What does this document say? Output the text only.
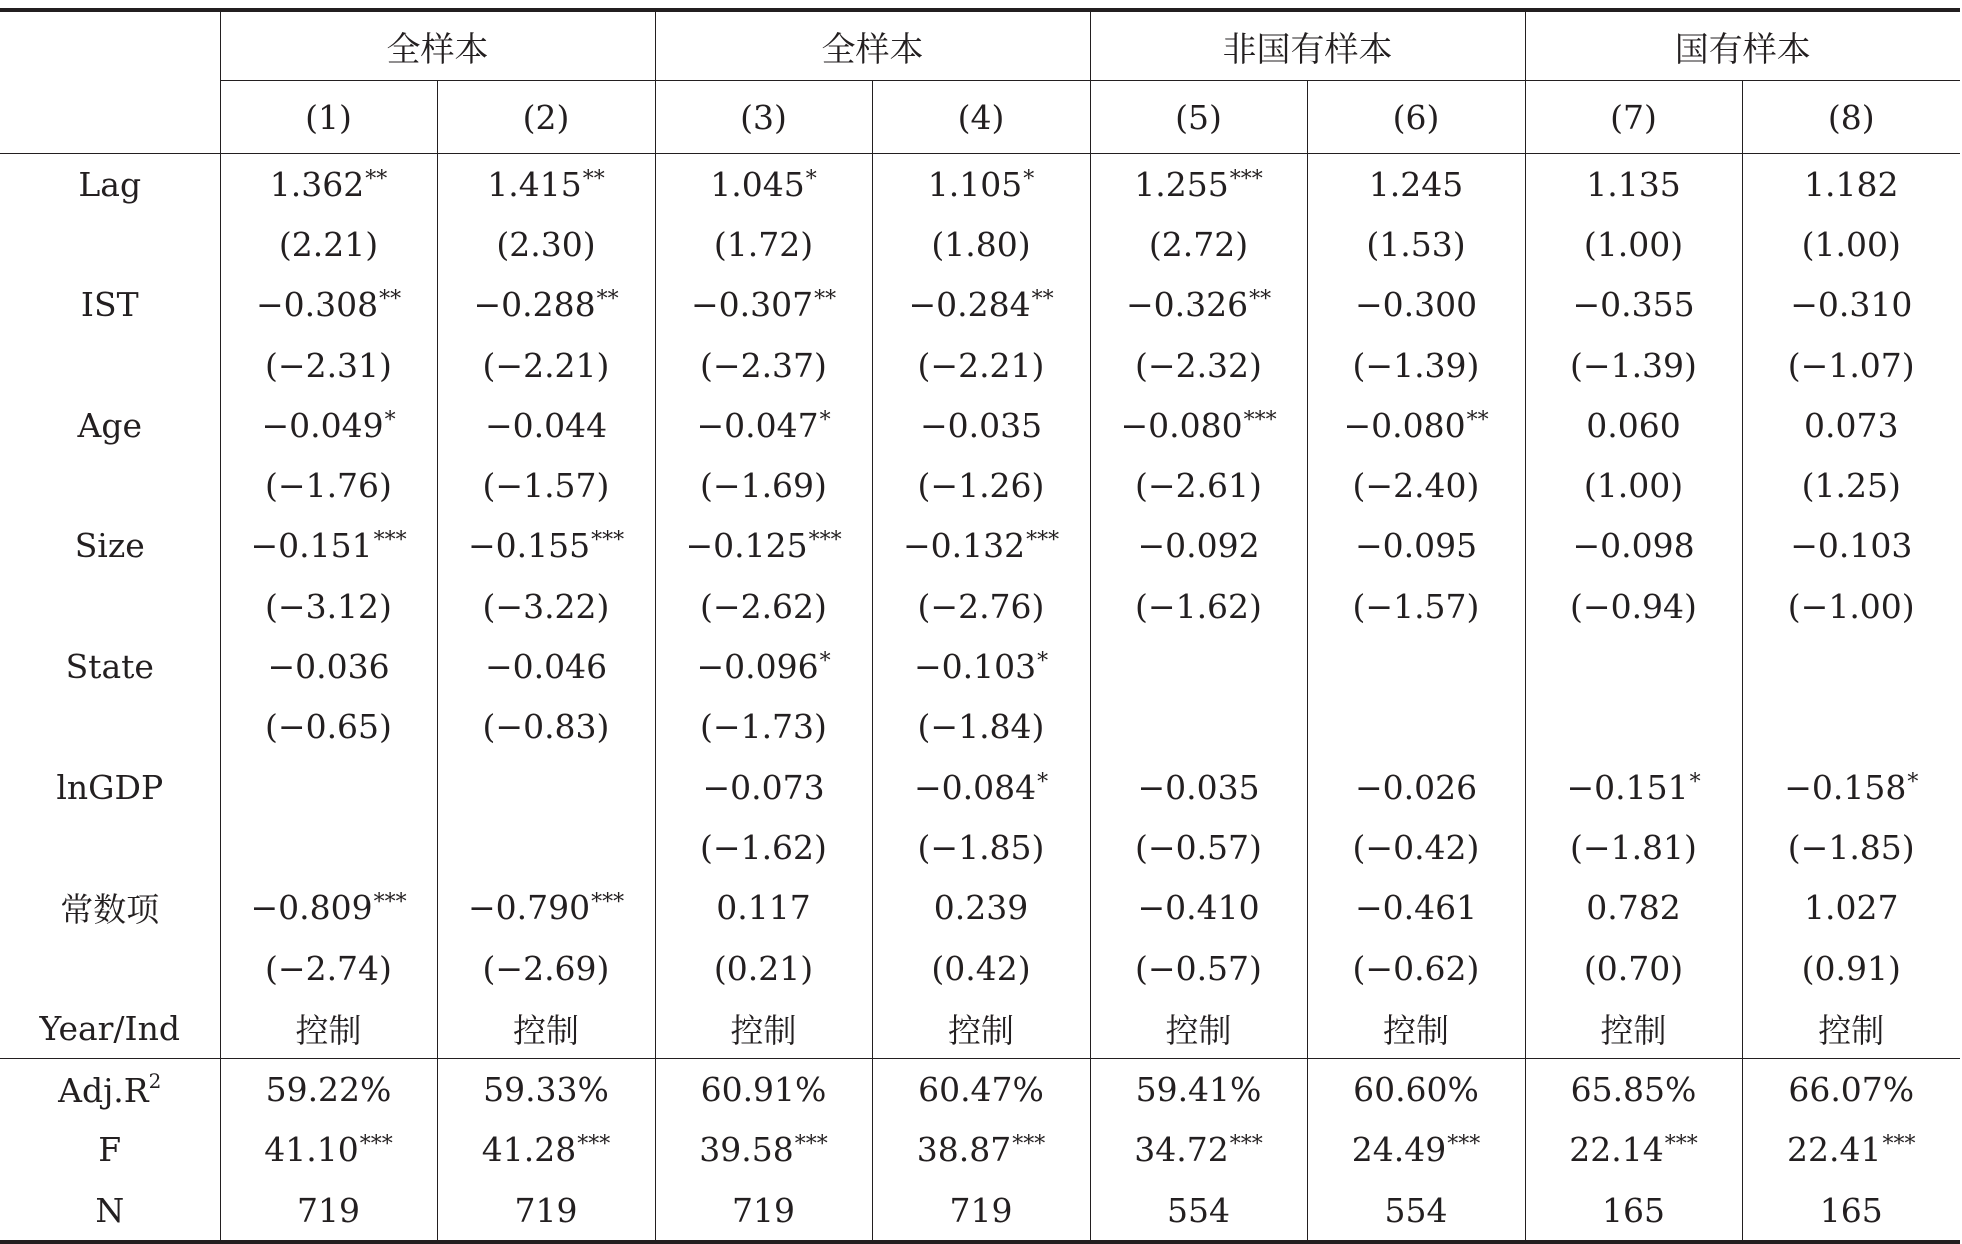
	全样本		全样本		非国有样本		国有样本	
	(1)	(2)	(3)	(4)	(5)	(6)	(7)	(8)
Lag	1.362**	1.415**	1.045*	1.105*	1.255***	1.245	1.135	1.182
	(2.21)	(2.30)	(1.72)	(1.80)	(2.72)	(1.53)	(1.00)	(1.00)
IST	−0.308**	−0.288**	−0.307**	−0.284**	−0.326**	−0.300	−0.355	−0.310
	(−2.31)	(−2.21)	(−2.37)	(−2.21)	(−2.32)	(−1.39)	(−1.39)	(−1.07)
Age	−0.049*	−0.044	−0.047*	−0.035	−0.080***	−0.080**	0.060	0.073
	(−1.76)	(−1.57)	(−1.69)	(−1.26)	(−2.61)	(−2.40)	(1.00)	(1.25)
Size	−0.151***	−0.155***	−0.125***	−0.132***	−0.092	−0.095	−0.098	−0.103
	(−3.12)	(−3.22)	(−2.62)	(−2.76)	(−1.62)	(−1.57)	(−0.94)	(−1.00)
State	−0.036	−0.046	−0.096*	−0.103*				
	(−0.65)	(−0.83)	(−1.73)	(−1.84)				
lnGDP			−0.073	−0.084*	−0.035	−0.026	−0.151*	−0.158*
			(−1.62)	(−1.85)	(−0.57)	(−0.42)	(−1.81)	(−1.85)
常数项	−0.809***	−0.790***	0.117	0.239	−0.410	−0.461	0.782	1.027
	(−2.74)	(−2.69)	(0.21)	(0.42)	(−0.57)	(−0.62)	(0.70)	(0.91)
Year/Ind	控制	控制	控制	控制	控制	控制	控制	控制
$Adj.R^2$	59.22%	59.33%	60.91%	60.47%	59.41%	60.60%	65.85%	66.07%
F	41.10***	41.28***	39.58***	38.87***	34.72***	24.49***	22.14***	22.41***
N	719	719	719	719	554	554	165	165
